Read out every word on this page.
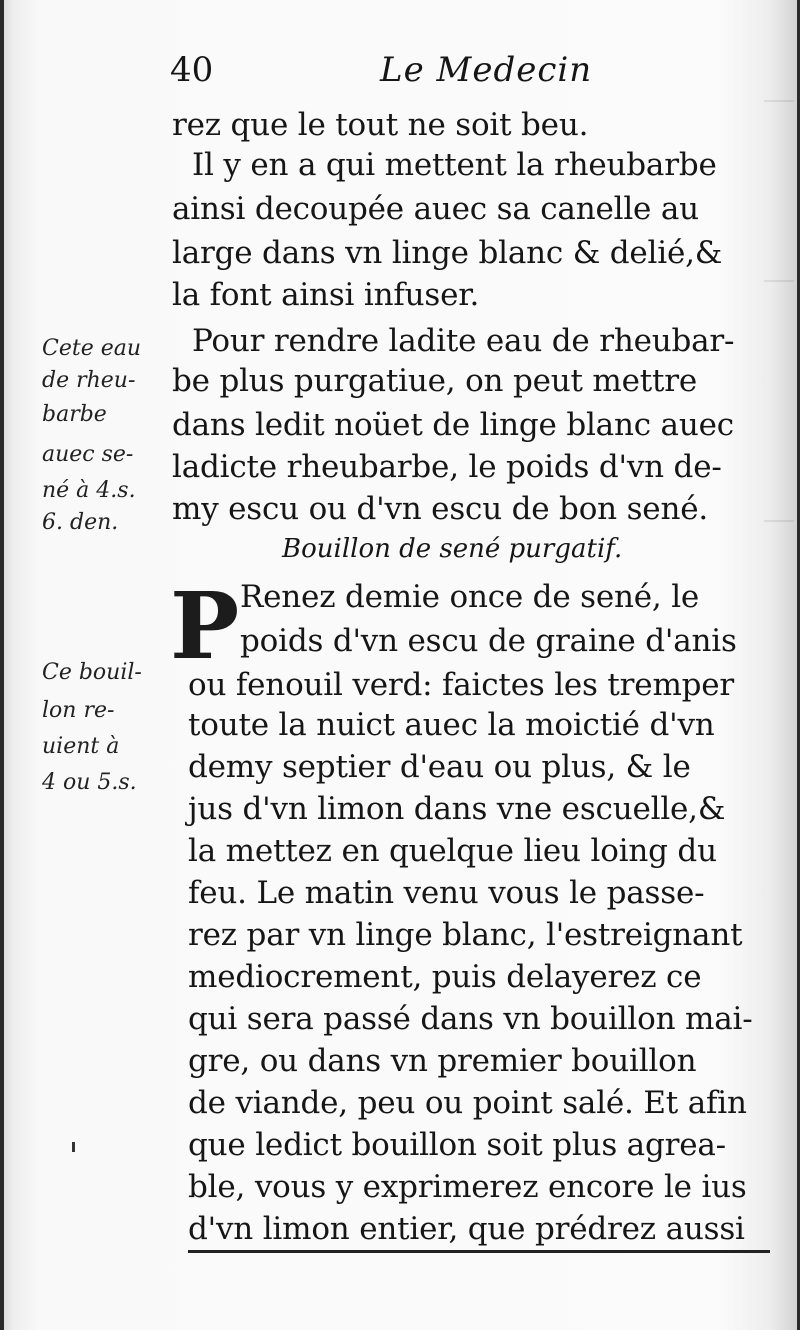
40	Le Medecin
rez que le tout ne soit beu.
Il y en a qui mettent la rheubarbe
ainsi decoupée auec sa canelle au
large dans vn linge blanc & delié,&
la font ainsi infuser.
Pour rendre ladite eau de rheubar-
be plus purgatiue, on peut mettre
dans ledit noüet de linge blanc auec
ladicte rheubarbe, le poids d'vn de-
my escu ou d'vn escu de bon sené.
Bouillon de sené purgatif.
P Renez demie once de sené, le
poids d'vn escu de graine d'anis
ou fenouil verd: faictes les tremper
toute la nuict auec la moictié d'vn
demy septier d'eau ou plus, & le
jus d'vn limon dans vne escuelle,&
la mettez en quelque lieu loing du
feu. Le matin venu vous le passe-
rez par vn linge blanc, l'estreignant
mediocrement, puis delayerez ce
qui sera passé dans vn bouillon mai-
gre, ou dans vn premier bouillon
de viande, peu ou point salé. Et afin
que ledict bouillon soit plus agrea-
ble, vous y exprimerez encore le ius
d'vn limon entier, que prédrez aussi
Cete eau
de rheu-
barbe
auec se-
né à 4.s.
6. den.
Ce bouil-
lon re-
uient à
4 ou 5.s.
